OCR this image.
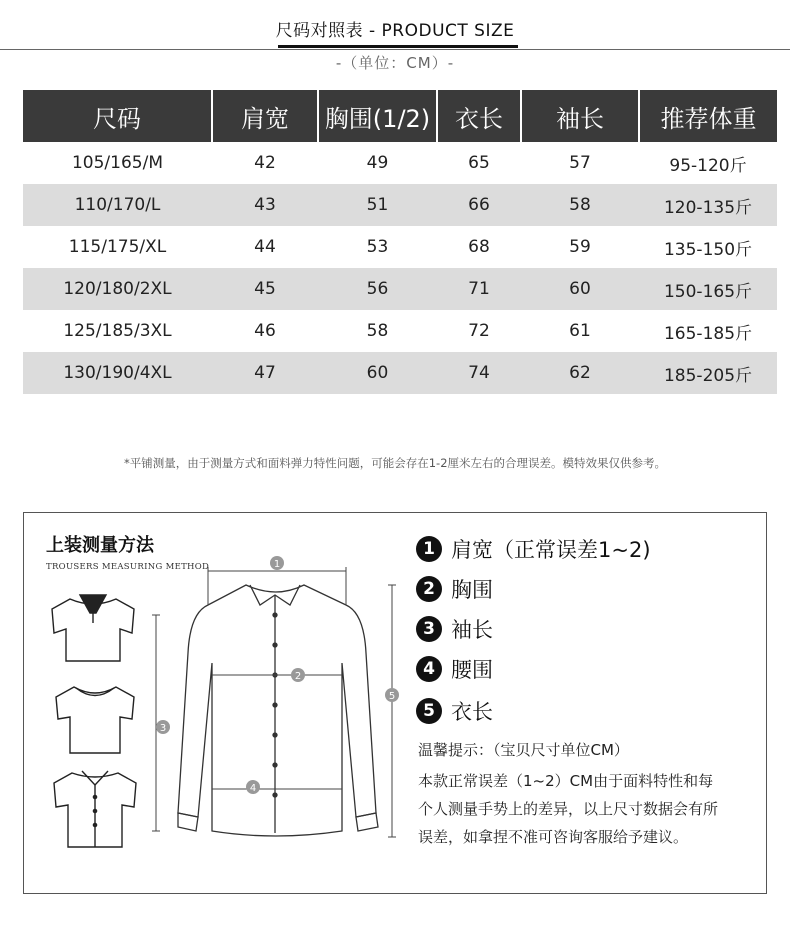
尺码对照表 - PRODUCT SIZE
-（单位：CM）-
尺码	肩宽	胸围(1/2)	衣长	袖长	推荐体重
105/165/M	42	49	65	57	95-120斤
110/170/L	43	51	66	58	120-135斤
115/175/XL	44	53	68	59	135-150斤
120/180/2XL	45	56	71	60	150-165斤
125/185/3XL	46	58	72	61	165-185斤
130/190/4XL	47	60	74	62	185-205斤
*平铺测量，由于测量方式和面料弹力特性问题，可能会存在1-2厘米左右的合理误差。模特效果仅供参考。
上装测量方法
TROUSERS MEASURING METHOD	1
2
3
4
5
1 肩宽（正常误差1~2)
2 胸围
3 袖长
4 腰围
5 衣长
温馨提示：（宝贝尺寸单位CM）
本款正常误差（1~2）CM由于面料特性和每个人测量手势上的差异，以上尺寸数据会有所误差，如拿捏不准可咨询客服给予建议。
